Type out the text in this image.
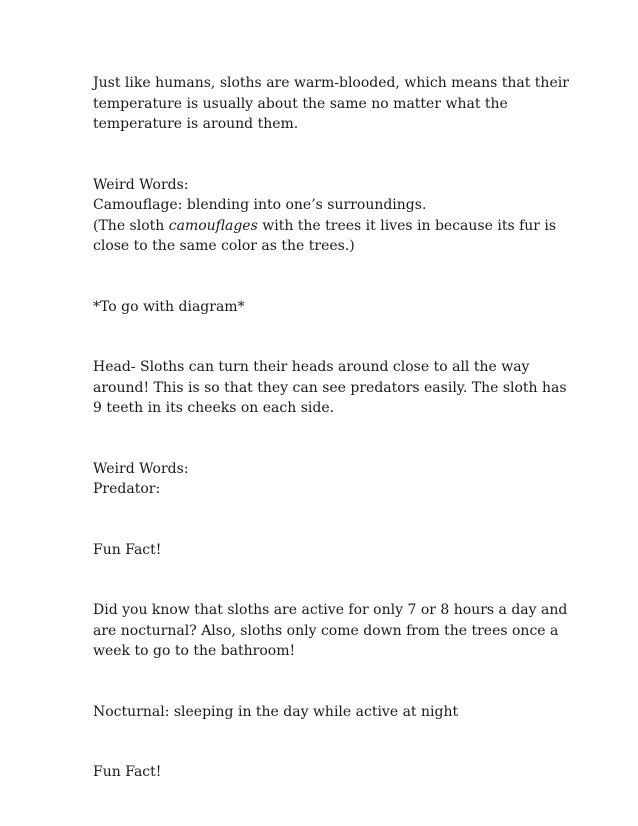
Just like humans, sloths are warm-blooded, which means that their
temperature is usually about the same no matter what the
temperature is around them.

Weird Words:
Camouflage: blending into one’s surroundings.
(The sloth camouflages with the trees it lives in because its fur is
close to the same color as the trees.)

*To go with diagram*

Head- Sloths can turn their heads around close to all the way
around! This is so that they can see predators easily. The sloth has
9 teeth in its cheeks on each side.

Weird Words:
Predator:

Fun Fact!

Did you know that sloths are active for only 7 or 8 hours a day and
are nocturnal? Also, sloths only come down from the trees once a
week to go to the bathroom!

Nocturnal: sleeping in the day while active at night

Fun Fact!
